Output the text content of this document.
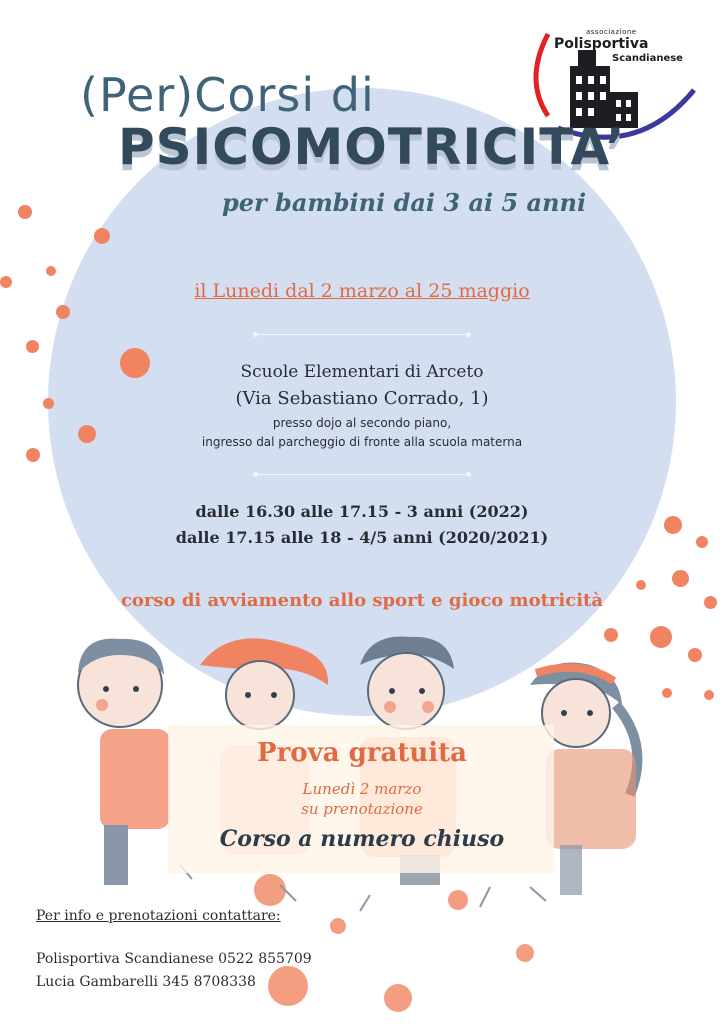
associazione
Polisportiva
Scandianese
(Per)Corsi di
PSICOMOTRICITA’
per bambini dai 3 ai 5 anni
il Lunedi dal 2 marzo al 25 maggio
Scuole Elementari di Arceto
(Via Sebastiano Corrado, 1)
presso dojo al secondo piano,
ingresso dal parcheggio di fronte alla scuola materna
dalle 16.30 alle 17.15 - 3 anni (2022)
dalle 17.15 alle 18 - 4/5 anni (2020/2021)
corso di avviamento allo sport e gioco motricità
Prova gratuita
Lunedì 2 marzo
su prenotazione
Corso a numero chiuso
Per info e prenotazioni contattare:
Polisportiva Scandianese 0522 855709
Lucia Gambarelli 345 8708338
